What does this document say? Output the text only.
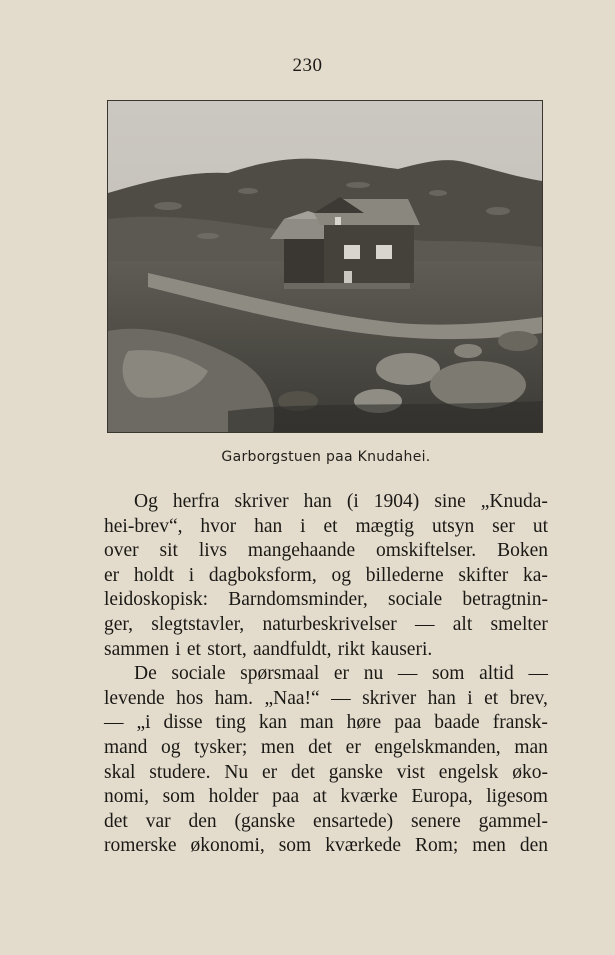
230
Garborgstuen paa Knudahei.
Og herfra skriver han (i 1904) sine „Knuda-
hei-brev“, hvor han i et mægtig utsyn ser ut
over sit livs mangehaande omskiftelser. Boken
er holdt i dagboksform, og billederne skifter ka-
leidoskopisk: Barndomsminder, sociale betragtnin-
ger, slegtstavler, naturbeskrivelser — alt smelter
sammen i et stort, aandfuldt, rikt kauseri.
De sociale spørsmaal er nu — som altid —
levende hos ham. „Naa!“ — skriver han i et brev,
— „i disse ting kan man høre paa baade fransk-
mand og tysker; men det er engelskmanden, man
skal studere. Nu er det ganske vist engelsk øko-
nomi, som holder paa at kværke Europa, ligesom
det var den (ganske ensartede) senere gammel-
romerske økonomi, som kværkede Rom; men den
